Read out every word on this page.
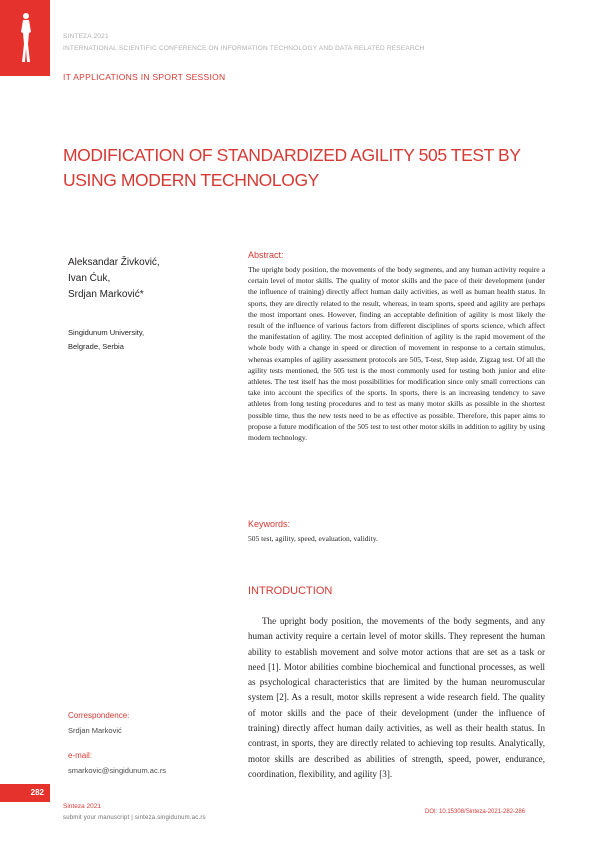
SINTEZA 2021
INTERNATIONAL SCIENTIFIC CONFERENCE ON INFORMATION TECHNOLOGY AND DATA RELATED RESEARCH
IT APPLICATIONS IN SPORT SESSION
MODIFICATION OF STANDARDIZED AGILITY 505 TEST BY USING MODERN TECHNOLOGY
Aleksandar Živković,
Ivan Ćuk,
Srdjan Marković*
Singidunum University,
Belgrade, Serbia
Abstract:
The upright body position, the movements of the body segments, and any human activity require a certain level of motor skills. The quality of motor skills and the pace of their development (under the influence of training) directly affect human daily activities, as well as human health status. In sports, they are directly related to the result, whereas, in team sports, speed and agility are perhaps the most important ones. However, finding an acceptable definition of agility is most likely the result of the influence of various factors from different disciplines of sports science, which affect the manifestation of agility. The most accepted definition of agility is the rapid movement of the whole body with a change in speed or direction of movement in response to a certain stimulus, whereas examples of agility assessment protocols are 505, T-test, Step aside, Zigzag test. Of all the agility tests mentioned, the 505 test is the most commonly used for testing both junior and elite athletes. The test itself has the most possibilities for modification since only small corrections can take into account the specifics of the sports. In sports, there is an increasing tendency to save athletes from long testing procedures and to test as many motor skills as possible in the shortest possible time, thus the new tests need to be as effective as possible. Therefore, this paper aims to propose a future modification of the 505 test to test other motor skills in addition to agility by using modern technology.
Keywords:
505 test, agility, speed, evaluation, validity.
INTRODUCTION
The upright body position, the movements of the body segments, and any human activity require a certain level of motor skills. They represent the human ability to establish movement and solve motor actions that are set as a task or need [1]. Motor abilities combine biochemical and functional processes, as well as psychological characteristics that are limited by the human neuromuscular system [2]. As a result, motor skills represent a wide research field. The quality of motor skills and the pace of their development (under the influence of training) directly affect human daily activities, as well as their health status. In contrast, in sports, they are directly related to achieving top results. Analytically, motor skills are described as abilities of strength, speed, power, endurance, coordination, flexibility, and agility [3].
Correspondence:
Srdjan Marković
e-mail:
smarkovic@singidunum.ac.rs
282
Sinteza 2021
submit your manuscript | sinteza.singidunum.ac.rs
DOI: 10.15308/Sinteza-2021-282-286
